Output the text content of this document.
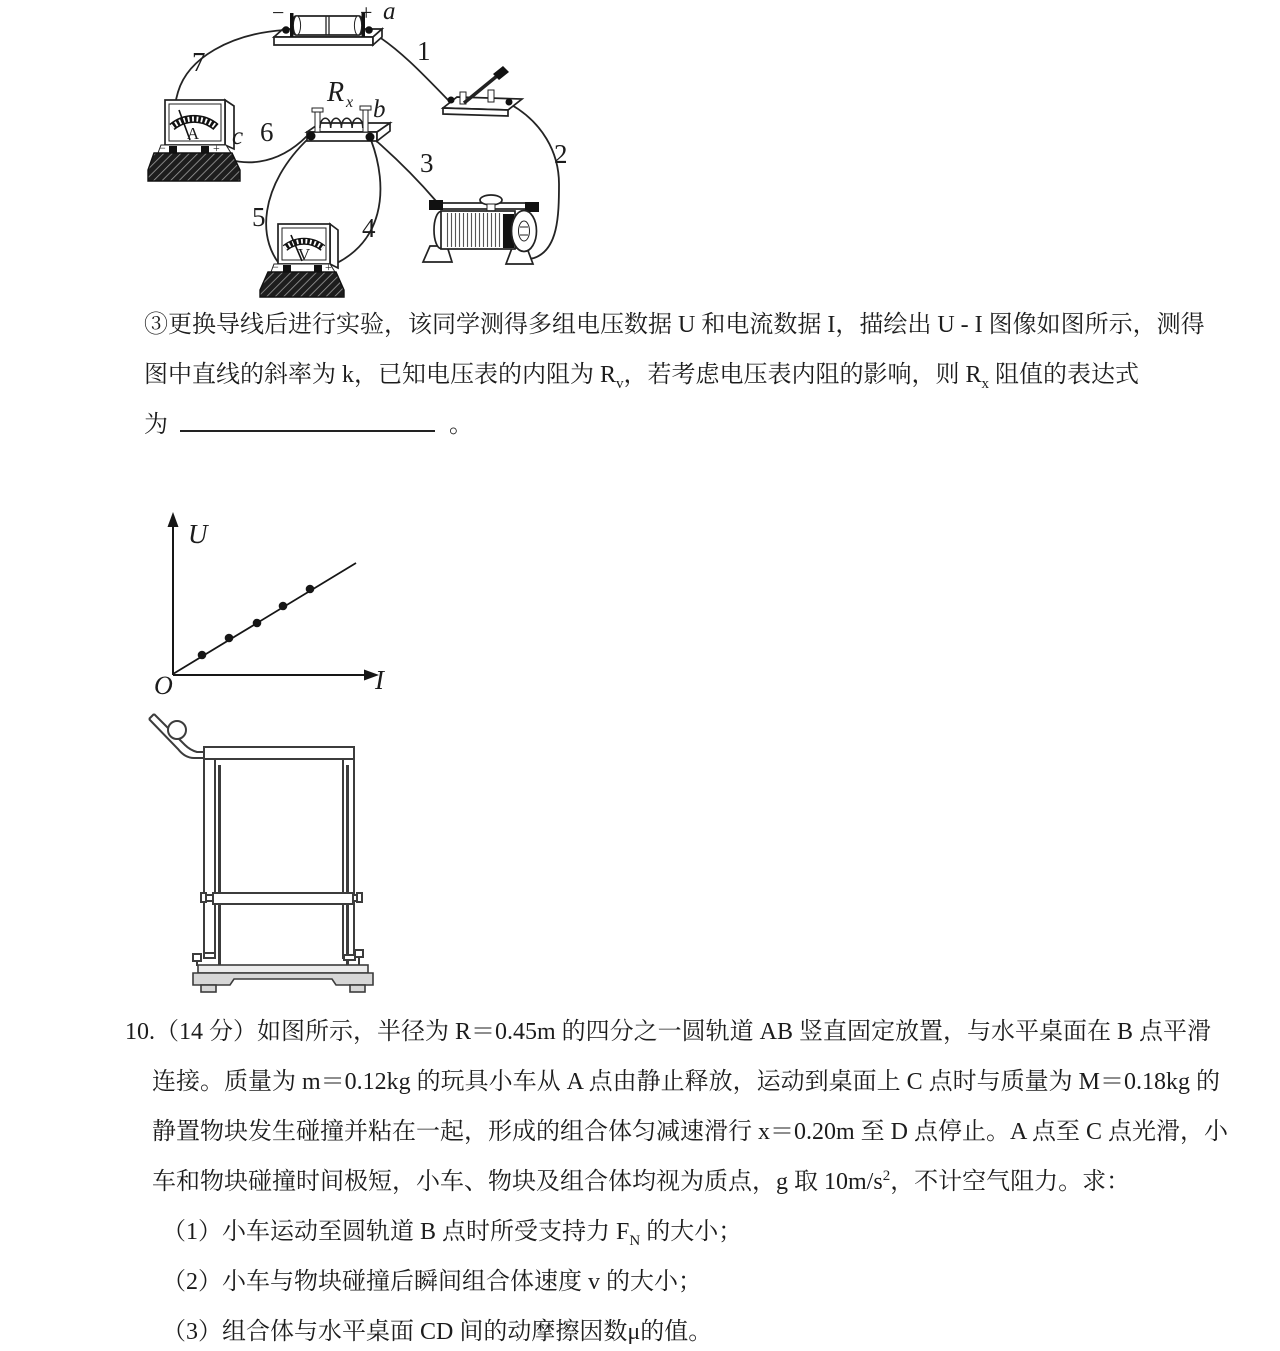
−	+
A
−	+
V
−	+
1
2
3
4
5
6
7
a
b
c
R x
③更换导线后进行实验，该同学测得多组电压数据 U 和电流数据 I，描绘出 U - I 图像如图所示，测得
图中直线的斜率为 k，已知电压表的内阻为 $R_v$，若考虑电压表内阻的影响，则 $R_x$ 阻值的表达式
为	。
U
I
O
10.（14 分）如图所示，半径为 R＝0.45m 的四分之一圆轨道 AB 竖直固定放置，与水平桌面在 B 点平滑
连接。质量为 m＝0.12kg 的玩具小车从 A 点由静止释放，运动到桌面上 C 点时与质量为 M＝0.18kg 的
静置物块发生碰撞并粘在一起，形成的组合体匀减速滑行 x＝0.20m 至 D 点停止。A 点至 C 点光滑，小
车和物块碰撞时间极短，小车、物块及组合体均视为质点，g 取 $10m/s^2$，不计空气阻力。求：
（1）小车运动至圆轨道 B 点时所受支持力 $F_N$ 的大小；
（2）小车与物块碰撞后瞬间组合体速度 v 的大小；
（3）组合体与水平桌面 CD 间的动摩擦因数μ的值。
